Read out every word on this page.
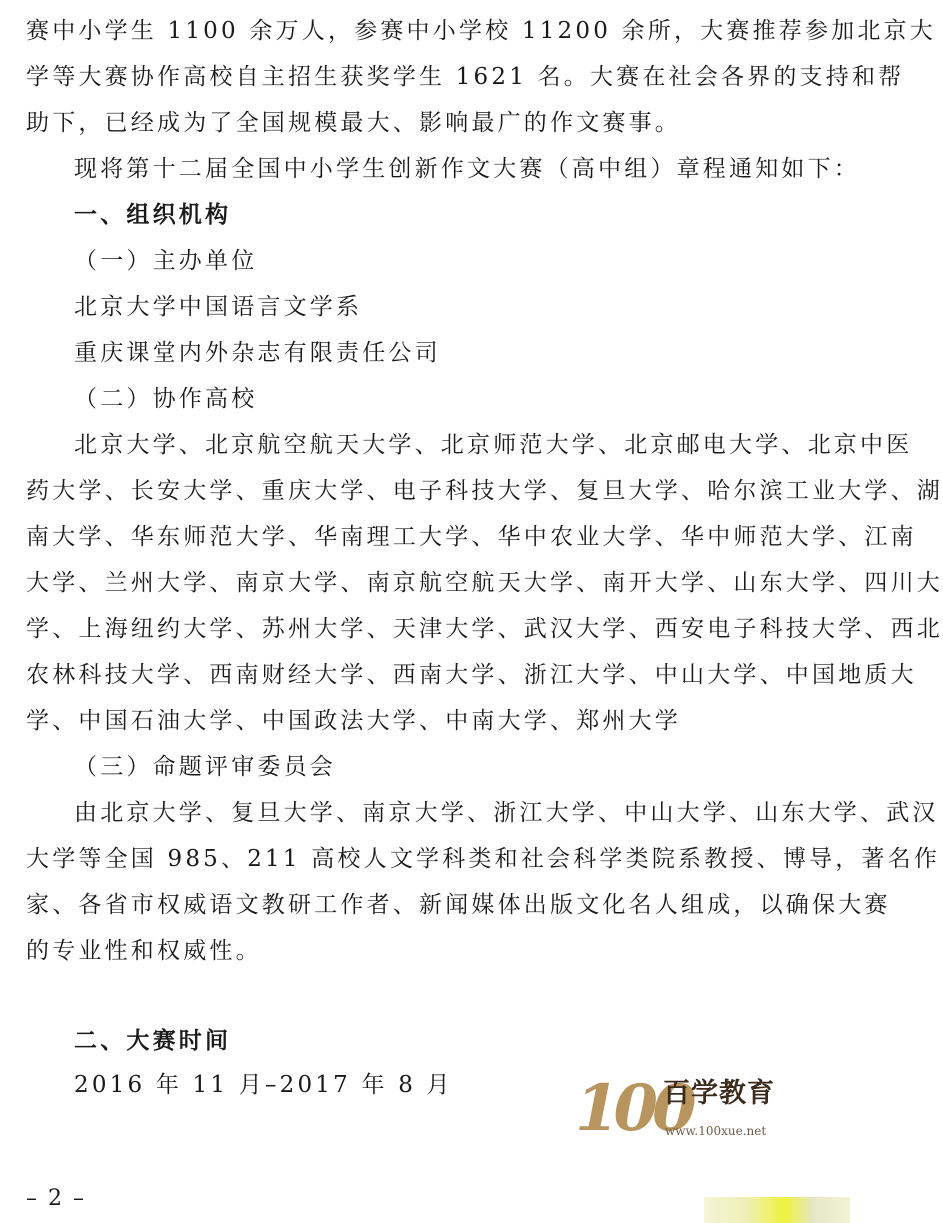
赛中小学生 1100 余万人，参赛中小学校 11200 余所，大赛推荐参加北京大
学等大赛协作高校自主招生获奖学生 1621 名。大赛在社会各界的支持和帮
助下，已经成为了全国规模最大、影响最广的作文赛事。
现将第十二届全国中小学生创新作文大赛（高中组）章程通知如下：
一、组织机构
（一）主办单位
北京大学中国语言文学系
重庆课堂内外杂志有限责任公司
（二）协作高校
北京大学、北京航空航天大学、北京师范大学、北京邮电大学、北京中医
药大学、长安大学、重庆大学、电子科技大学、复旦大学、哈尔滨工业大学、湖
南大学、华东师范大学、华南理工大学、华中农业大学、华中师范大学、江南
大学、兰州大学、南京大学、南京航空航天大学、南开大学、山东大学、四川大
学、上海纽约大学、苏州大学、天津大学、武汉大学、西安电子科技大学、西北
农林科技大学、西南财经大学、西南大学、浙江大学、中山大学、中国地质大
学、中国石油大学、中国政法大学、中南大学、郑州大学
（三）命题评审委员会
由北京大学、复旦大学、南京大学、浙江大学、中山大学、山东大学、武汉
大学等全国 985、211 高校人文学科类和社会科学类院系教授、博导，著名作
家、各省市权威语文教研工作者、新闻媒体出版文化名人组成，以确保大赛
的专业性和权威性。
二、大赛时间
2016 年 11 月–2017 年 8 月	100
百学教育
www.100xue.net
– 2 –
